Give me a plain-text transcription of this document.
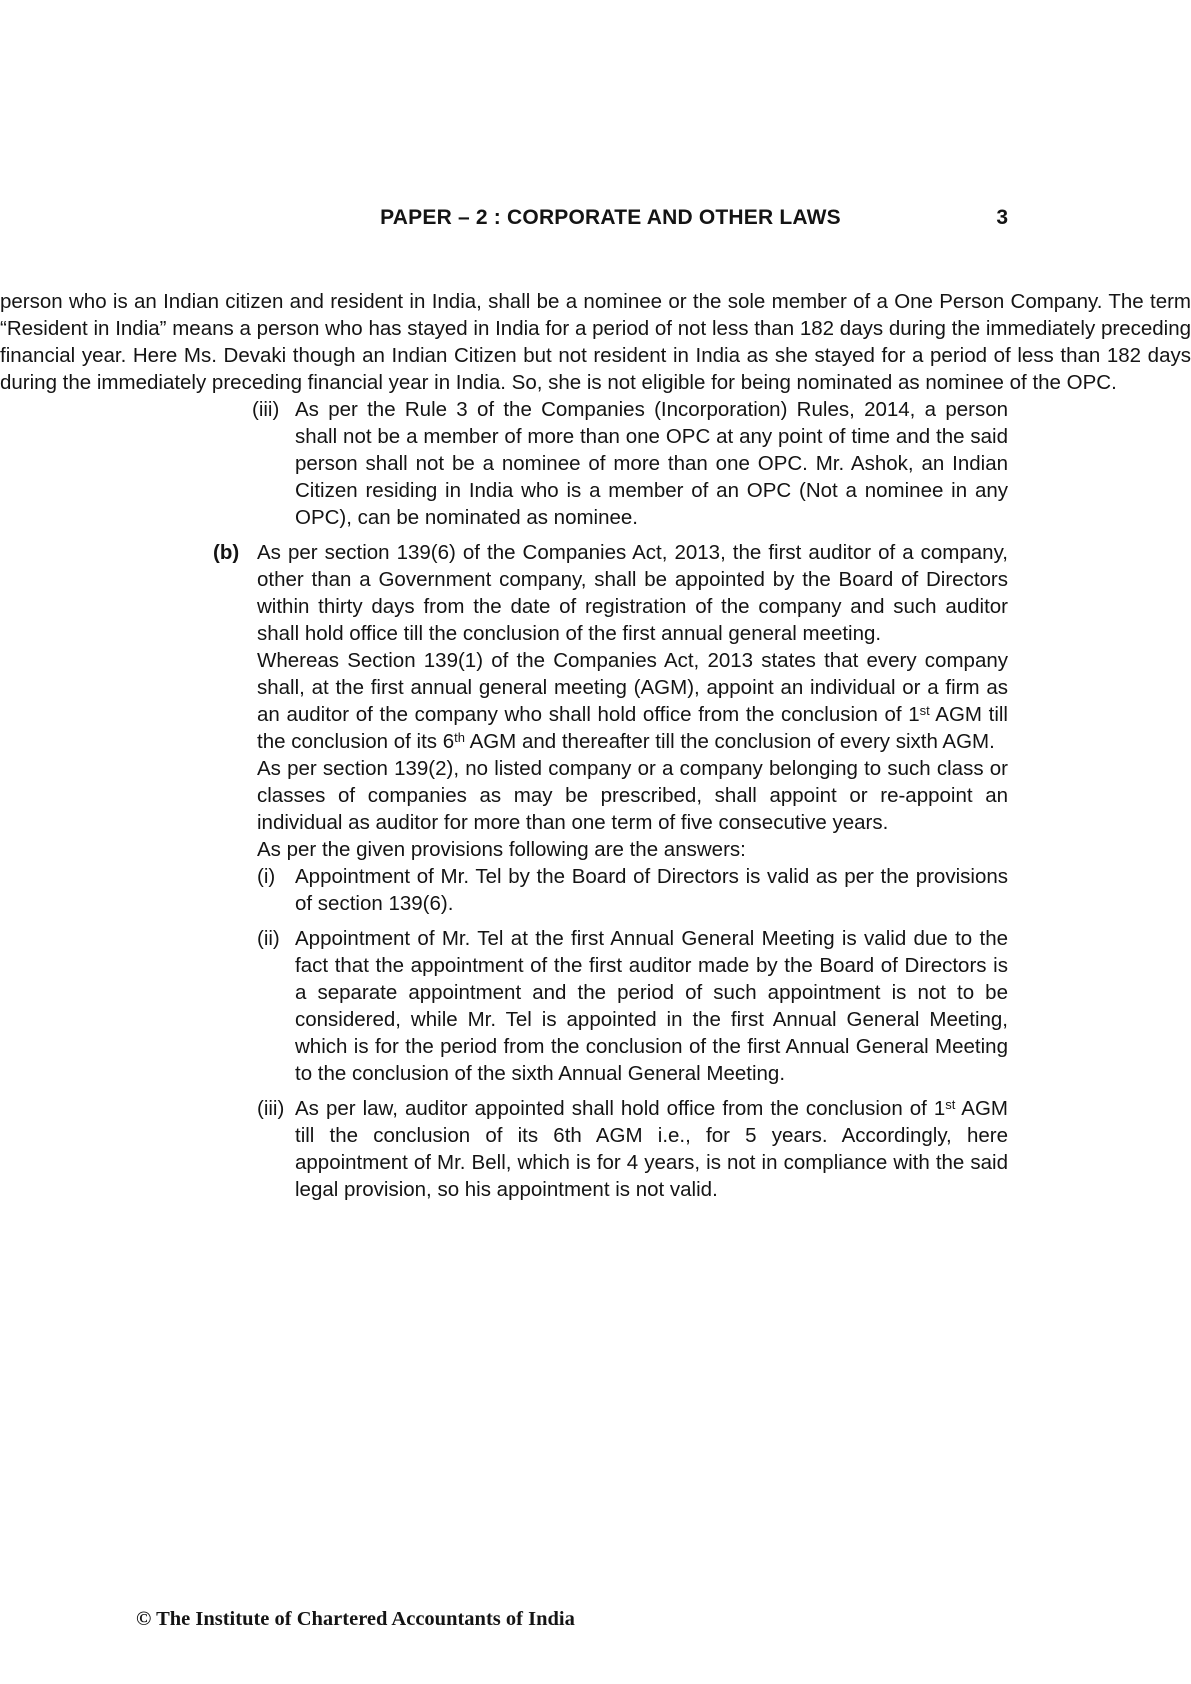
PAPER – 2 : CORPORATE AND OTHER LAWS	3

person who is an Indian citizen and resident in India, shall be a nominee or the sole member of a One Person Company. The term “Resident in India” means a person who has stayed in India for a period of not less than 182 days during the immediately preceding financial year. Here Ms. Devaki though an Indian Citizen but not resident in India as she stayed for a period of less than 182 days during the immediately preceding financial year in India. So, she is not eligible for being nominated as nominee of the OPC.

(iii) As per the Rule 3 of the Companies (Incorporation) Rules, 2014, a person shall not be a member of more than one OPC at any point of time and the said person shall not be a nominee of more than one OPC. Mr. Ashok, an Indian Citizen residing in India who is a member of an OPC (Not a nominee in any OPC), can be nominated as nominee.

(b) As per section 139(6) of the Companies Act, 2013, the first auditor of a company, other than a Government company, shall be appointed by the Board of Directors within thirty days from the date of registration of the company and such auditor shall hold office till the conclusion of the first annual general meeting.

Whereas Section 139(1) of the Companies Act, 2013 states that every company shall, at the first annual general meeting (AGM), appoint an individual or a firm as an auditor of the company who shall hold office from the conclusion of 1st AGM till the conclusion of its 6th AGM and thereafter till the conclusion of every sixth AGM.

As per section 139(2), no listed company or a company belonging to such class or classes of companies as may be prescribed, shall appoint or re-appoint an individual as auditor for more than one term of five consecutive years.

As per the given provisions following are the answers:

(i) Appointment of Mr. Tel by the Board of Directors is valid as per the provisions of section 139(6).

(ii) Appointment of Mr. Tel at the first Annual General Meeting is valid due to the fact that the appointment of the first auditor made by the Board of Directors is a separate appointment and the period of such appointment is not to be considered, while Mr. Tel is appointed in the first Annual General Meeting, which is for the period from the conclusion of the first Annual General Meeting to the conclusion of the sixth Annual General Meeting.

(iii) As per law, auditor appointed shall hold office from the conclusion of 1st AGM till the conclusion of its 6th AGM i.e., for 5 years. Accordingly, here appointment of Mr. Bell, which is for 4 years, is not in compliance with the said legal provision, so his appointment is not valid.

© The Institute of Chartered Accountants of India
